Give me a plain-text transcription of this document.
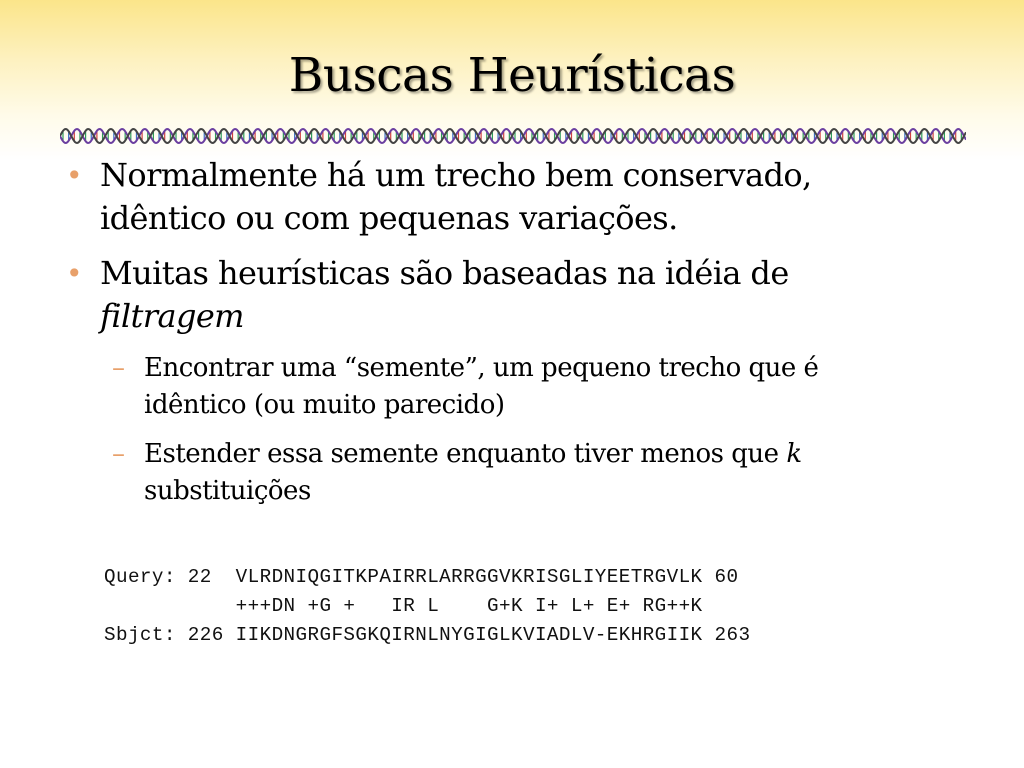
Buscas Heurísticas
• Normalmente há um trecho bem conservado,
idêntico ou com pequenas variações.
• Muitas heurísticas são baseadas na idéia de
filtragem
– Encontrar uma “semente”, um pequeno trecho que é
idêntico (ou muito parecido)
– Estender essa semente enquanto tiver menos que k
substituições
Query: 22  VLRDNIQGITKPAIRRLARRGGVKRISGLIYEETRGVLK 60
+++DN +G +   IR L    G+K I+ L+ E+ RG++K
Sbjct: 226 IIKDNGRGFSGKQIRNLNYGIGLKVIADLV-EKHRGIIK 263
